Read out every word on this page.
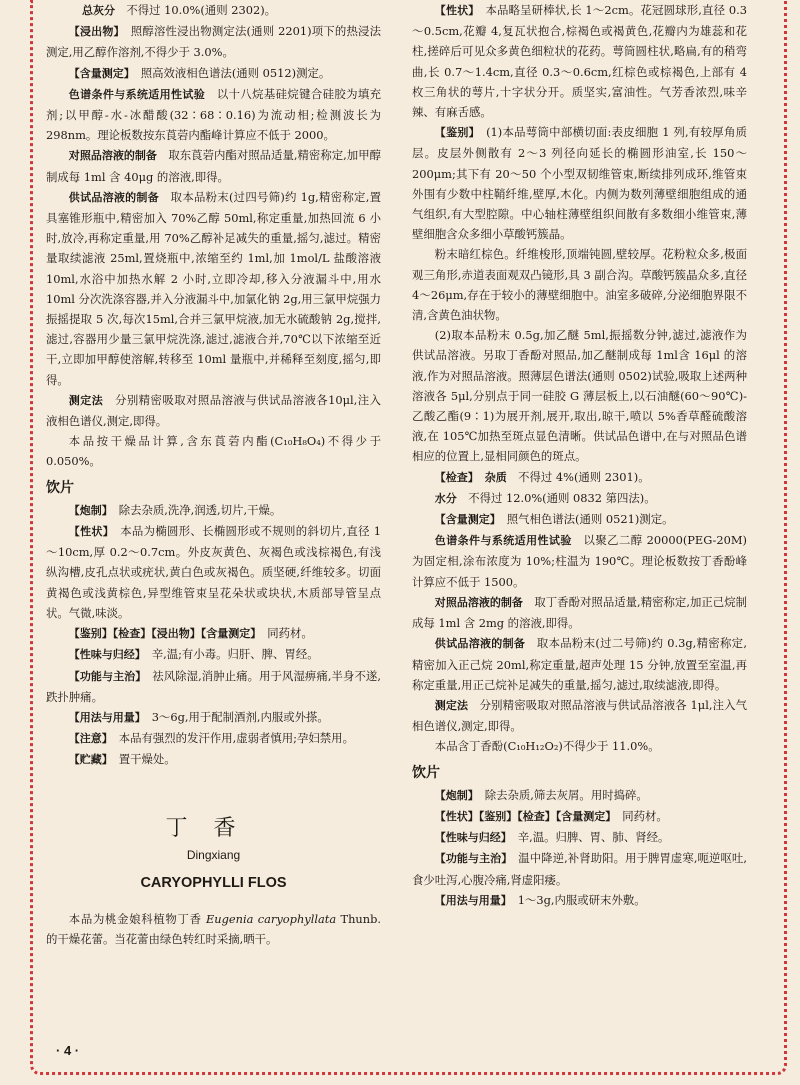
总灰分　不得过 10.0%(通则 2302)。

【浸出物】　照醇溶性浸出物测定法(通则 2201)项下的热浸法测定,用乙醇作溶剂,不得少于 3.0%。

【含量测定】　照高效液相色谱法(通则 0512)测定。

色谱条件与系统适用性试验　以十八烷基硅烷键合硅胶为填充剂;以甲醇-水-冰醋酸(32∶68∶0.16)为流动相;检测波长为 298nm。理论板数按东莨菪内酯峰计算应不低于 2000。

对照品溶液的制备　取东莨菪内酯对照品适量,精密称定,加甲醇制成每 1ml 含 40μg 的溶液,即得。

供试品溶液的制备　取本品粉末(过四号筛)约 1g,精密称定,置具塞锥形瓶中,精密加入 70%乙醇 50ml,称定重量,加热回流 6 小时,放冷,再称定重量,用 70%乙醇补足减失的重量,摇匀,滤过。精密量取续滤液 25ml,置烧瓶中,浓缩至约 1ml,加 1mol/L 盐酸溶液 10ml,水浴中加热水解 2 小时,立即冷却,移入分液漏斗中,用水 10ml 分次洗涤容器,并入分液漏斗中,加氯化钠 2g,用三氯甲烷强力振摇提取 5 次,每次15ml,合并三氯甲烷液,加无水硫酸钠 2g,搅拌,滤过,容器用少量三氯甲烷洗涤,滤过,滤液合并,70℃以下浓缩至近干,立即加甲醇使溶解,转移至 10ml 量瓶中,并稀释至刻度,摇匀,即得。

测定法　分别精密吸取对照品溶液与供试品溶液各10μl,注入液相色谱仪,测定,即得。

本品按干燥品计算,含东莨菪内酯(C₁₀H₈O₄)不得少于 0.050%。

饮片

【炮制】　除去杂质,洗净,润透,切片,干燥。

【性状】　本品为椭圆形、长椭圆形或不规则的斜切片,直径 1～10cm,厚 0.2～0.7cm。外皮灰黄色、灰褐色或浅棕褐色,有浅纵沟槽,皮孔点状或疣状,黄白色或灰褐色。质坚硬,纤维较多。切面黄褐色或浅黄棕色,异型维管束呈花朵状或块状,木质部导管呈点状。气微,味淡。

【鉴别】【检查】【浸出物】【含量测定】　同药材。

【性味与归经】　辛,温;有小毒。归肝、脾、胃经。

【功能与主治】　祛风除湿,消肿止痛。用于风湿痹痛,半身不遂,跌扑肿痛。

【用法与用量】　3～6g,用于配制酒剂,内服或外搽。

【注意】　本品有强烈的发汗作用,虚弱者慎用;孕妇禁用。

【贮藏】　置干燥处。

丁香

Dingxiang

CARYOPHYLLI FLOS

本品为桃金娘科植物丁香 Eugenia caryophyllata Thunb. 的干燥花蕾。当花蕾由绿色转红时采摘,晒干。

【性状】　本品略呈研棒状,长 1～2cm。花冠圆球形,直径 0.3～0.5cm,花瓣 4,复瓦状抱合,棕褐色或褐黄色,花瓣内为雄蕊和花柱,搓碎后可见众多黄色细粒状的花药。萼筒圆柱状,略扁,有的稍弯曲,长 0.7～1.4cm,直径 0.3～0.6cm,红棕色或棕褐色,上部有 4 枚三角状的萼片,十字状分开。质坚实,富油性。气芳香浓烈,味辛辣、有麻舌感。

【鉴别】　(1)本品萼筒中部横切面:表皮细胞 1 列,有较厚角质层。皮层外侧散有 2～3 列径向延长的椭圆形油室,长 150～200μm;其下有 20～50 个小型双韧维管束,断续排列成环,维管束外围有少数中柱鞘纤维,壁厚,木化。内侧为数列薄壁细胞组成的通气组织,有大型腔隙。中心轴柱薄壁组织间散有多数细小维管束,薄壁细胞含众多细小草酸钙簇晶。

粉末暗红棕色。纤维梭形,顶端钝圆,壁较厚。花粉粒众多,极面观三角形,赤道表面观双凸镜形,具 3 副合沟。草酸钙簇晶众多,直径 4～26μm,存在于较小的薄壁细胞中。油室多破碎,分泌细胞界限不清,含黄色油状物。

(2)取本品粉末 0.5g,加乙醚 5ml,振摇数分钟,滤过,滤液作为供试品溶液。另取丁香酚对照品,加乙醚制成每 1ml含 16μl 的溶液,作为对照品溶液。照薄层色谱法(通则 0502)试验,吸取上述两种溶液各 5μl,分别点于同一硅胶 G 薄层板上,以石油醚(60～90℃)-乙酸乙酯(9∶1)为展开剂,展开,取出,晾干,喷以 5%香草醛硫酸溶液,在 105℃加热至斑点显色清晰。供试品色谱中,在与对照品色谱相应的位置上,显相同颜色的斑点。

【检查】　 杂质　不得过 4%(通则 2301)。

水分　不得过 12.0%(通则 0832 第四法)。

【含量测定】　照气相色谱法(通则 0521)测定。

色谱条件与系统适用性试验　以聚乙二醇 20000(PEG-20M)为固定相,涂布浓度为 10%;柱温为 190℃。理论板数按丁香酚峰计算应不低于 1500。

对照品溶液的制备　取丁香酚对照品适量,精密称定,加正己烷制成每 1ml 含 2mg 的溶液,即得。

供试品溶液的制备　取本品粉末(过二号筛)约 0.3g,精密称定,精密加入正己烷 20ml,称定重量,超声处理 15 分钟,放置至室温,再称定重量,用正己烷补足减失的重量,摇匀,滤过,取续滤液,即得。

测定法　分别精密吸取对照品溶液与供试品溶液各 1μl,注入气相色谱仪,测定,即得。

本品含丁香酚(C₁₀H₁₂O₂)不得少于 11.0%。

饮片

【炮制】　除去杂质,筛去灰屑。用时捣碎。

【性状】【鉴别】【检查】【含量测定】　同药材。

【性味与归经】　辛,温。归脾、胃、肺、肾经。

【功能与主治】　温中降逆,补肾助阳。用于脾胃虚寒,呃逆呕吐,食少吐泻,心腹冷痛,肾虚阳痿。

【用法与用量】　1～3g,内服或研末外敷。

· 4 ·
